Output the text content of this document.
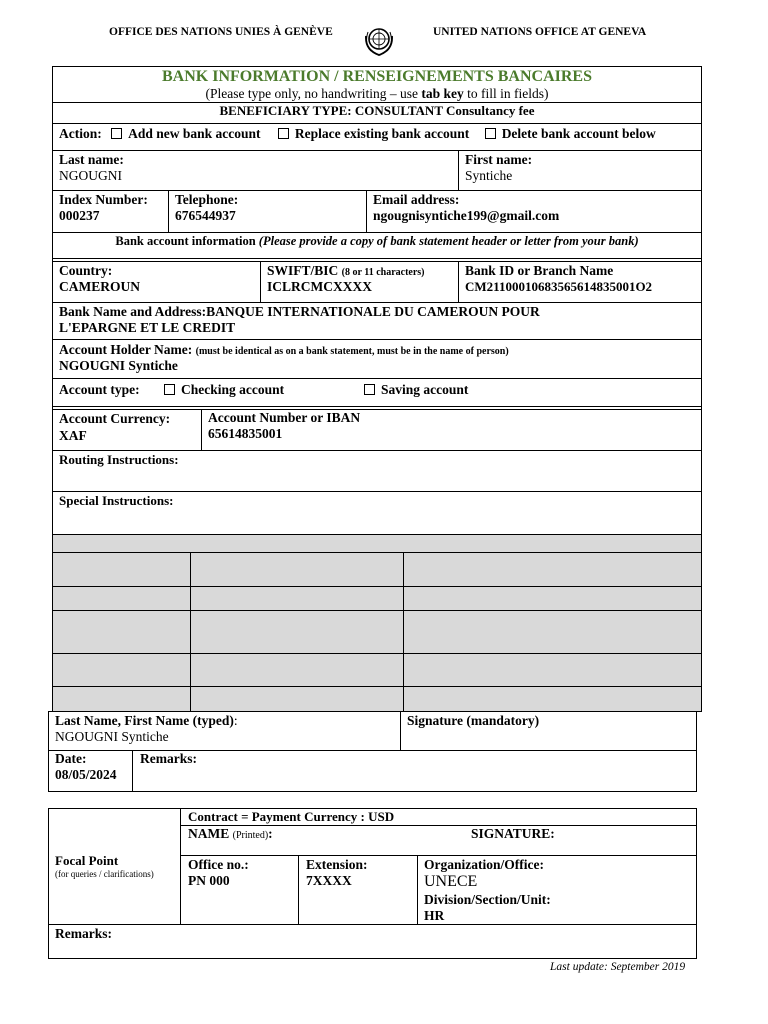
OFFICE DES NATIONS UNIES À GENÈVE	UNITED NATIONS OFFICE AT GENEVA
BANK INFORMATION / RENSEIGNEMENTS BANCAIRES
(Please type only, no handwriting – use tab key to fill in fields)
BENEFICIARY TYPE: CONSULTANT Consultancy fee
Action: Add new bank account	Replace existing bank account Delete bank account below
Last name:
NGOUGNI
First name:
Syntiche
Index Number:
000237
Telephone:
676544937
Email address:
ngougnisyntiche199@gmail.com
Bank account information (Please provide a copy of bank statement header or letter from your bank)
Country:
CAMEROUN
SWIFT/BIC (8 or 11 characters)
ICLRCMCXXXX
Bank ID or Branch Name
CM21100010683565614835001O2
Bank Name and Address:BANQUE INTERNATIONALE DU CAMEROUN POUR
L'EPARGNE ET LE CREDIT
Account Holder Name: (must be identical as on a bank statement, must be in the name of person)
NGOUGNI Syntiche
Account type:	Checking account	Saving account
Account Currency:
XAF
Account Number or IBAN
65614835001
Routing Instructions:
Special Instructions:
Last Name, First Name (typed):
NGOUGNI Syntiche
Signature (mandatory)
Date:
08/05/2024
Remarks:
Contract = Payment Currency : USD
NAME (Printed):	SIGNATURE:
Focal Point
(for queries / clarifications)
Office no.:
PN 000
Extension:
7XXXX
Organization/Office:
UNECE
Division/Section/Unit:
HR
Remarks:
Last update: September 2019
